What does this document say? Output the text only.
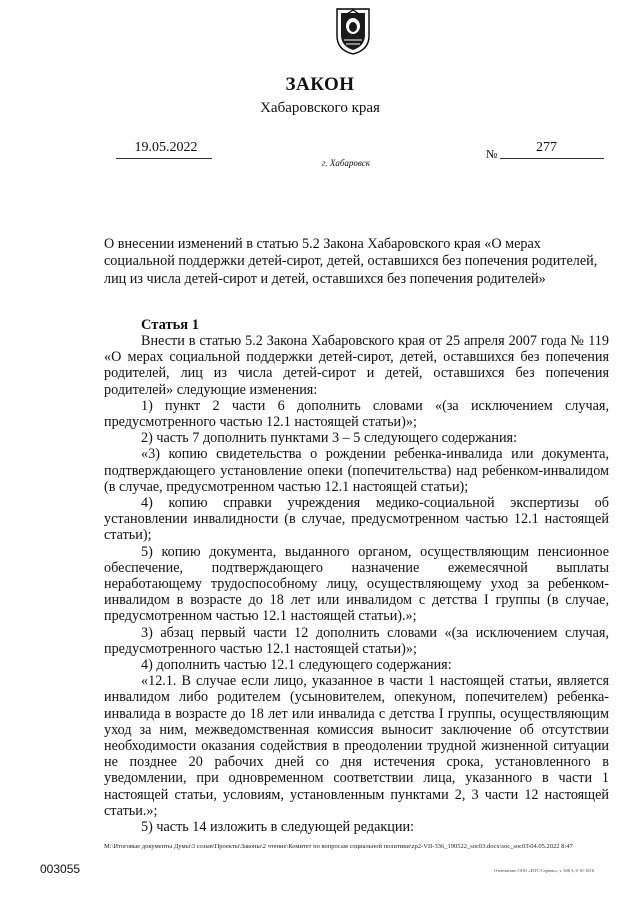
ЗАКОН
Хабаровского края
19.05.2022
г. Хабаровск
№	277
О внесении изменений в статью 5.2 Закона Хабаровского края «О мерах социальной поддержки детей-сирот, детей, оставшихся без попечения родителей, лиц из числа детей-сирот и детей, оставшихся без попечения родителей»
Статья 1

Внести в статью 5.2 Закона Хабаровского края от 25 апреля 2007 года № 119 «О мерах социальной поддержки детей-сирот, детей, оставшихся без попечения родителей, лиц из числа детей-сирот и детей, оставшихся без попечения родителей» следующие изменения:

1) пункт 2 части 6 дополнить словами «(за исключением случая, предусмотренного частью 12.1 настоящей статьи)»;

2) часть 7 дополнить пунктами 3 – 5 следующего содержания:

«3) копию свидетельства о рождении ребенка-инвалида или документа, подтверждающего установление опеки (попечительства) над ребенком-инвалидом (в случае, предусмотренном частью 12.1 настоящей статьи);

4) копию справки учреждения медико-социальной экспертизы об установлении инвалидности (в случае, предусмотренном частью 12.1 настоящей статьи);

5) копию документа, выданного органом, осуществляющим пенсионное обеспечение, подтверждающего назначение ежемесячной выплаты неработающему трудоспособному лицу, осуществляющему уход за ребенком-инвалидом в возрасте до 18 лет или инвалидом с детства I группы (в случае, предусмотренном частью 12.1 настоящей статьи).»;

3) абзац первый части 12 дополнить словами «(за исключением случая, предусмотренного частью 12.1 настоящей статьи)»;

4) дополнить частью 12.1 следующего содержания:

«12.1. В случае если лицо, указанное в части 1 настоящей статьи, является инвалидом либо родителем (усыновителем, опекуном, попечителем) ребенка-инвалида в возрасте до 18 лет или инвалида с детства I группы, осуществляющим уход за ним, межведомственная комиссия выносит заключение об отсутствии необходимости оказания содействия в преодолении трудной жизненной ситуации не позднее 20 рабочих дней со дня истечения срока, установленного в уведомлении, при одновременном соответствии лица, указанного в части 1 настоящей статьи, условиям, установленным пунктами 2, 3 части 12 настоящей статьи.»;

5) часть 14 изложить в следующей редакции:

M:\Итоговые документы Думы\3 созыв\Проекты\Законы\2 чтение\Комитет по вопросам социальной политики\zp2-VII-336_190522_soc03.docx\soc_soc03\04.05.2022 8:47
003055	Отпечатано ООО «ИТС-Сервис», т. 306 3, 0 10-1016
